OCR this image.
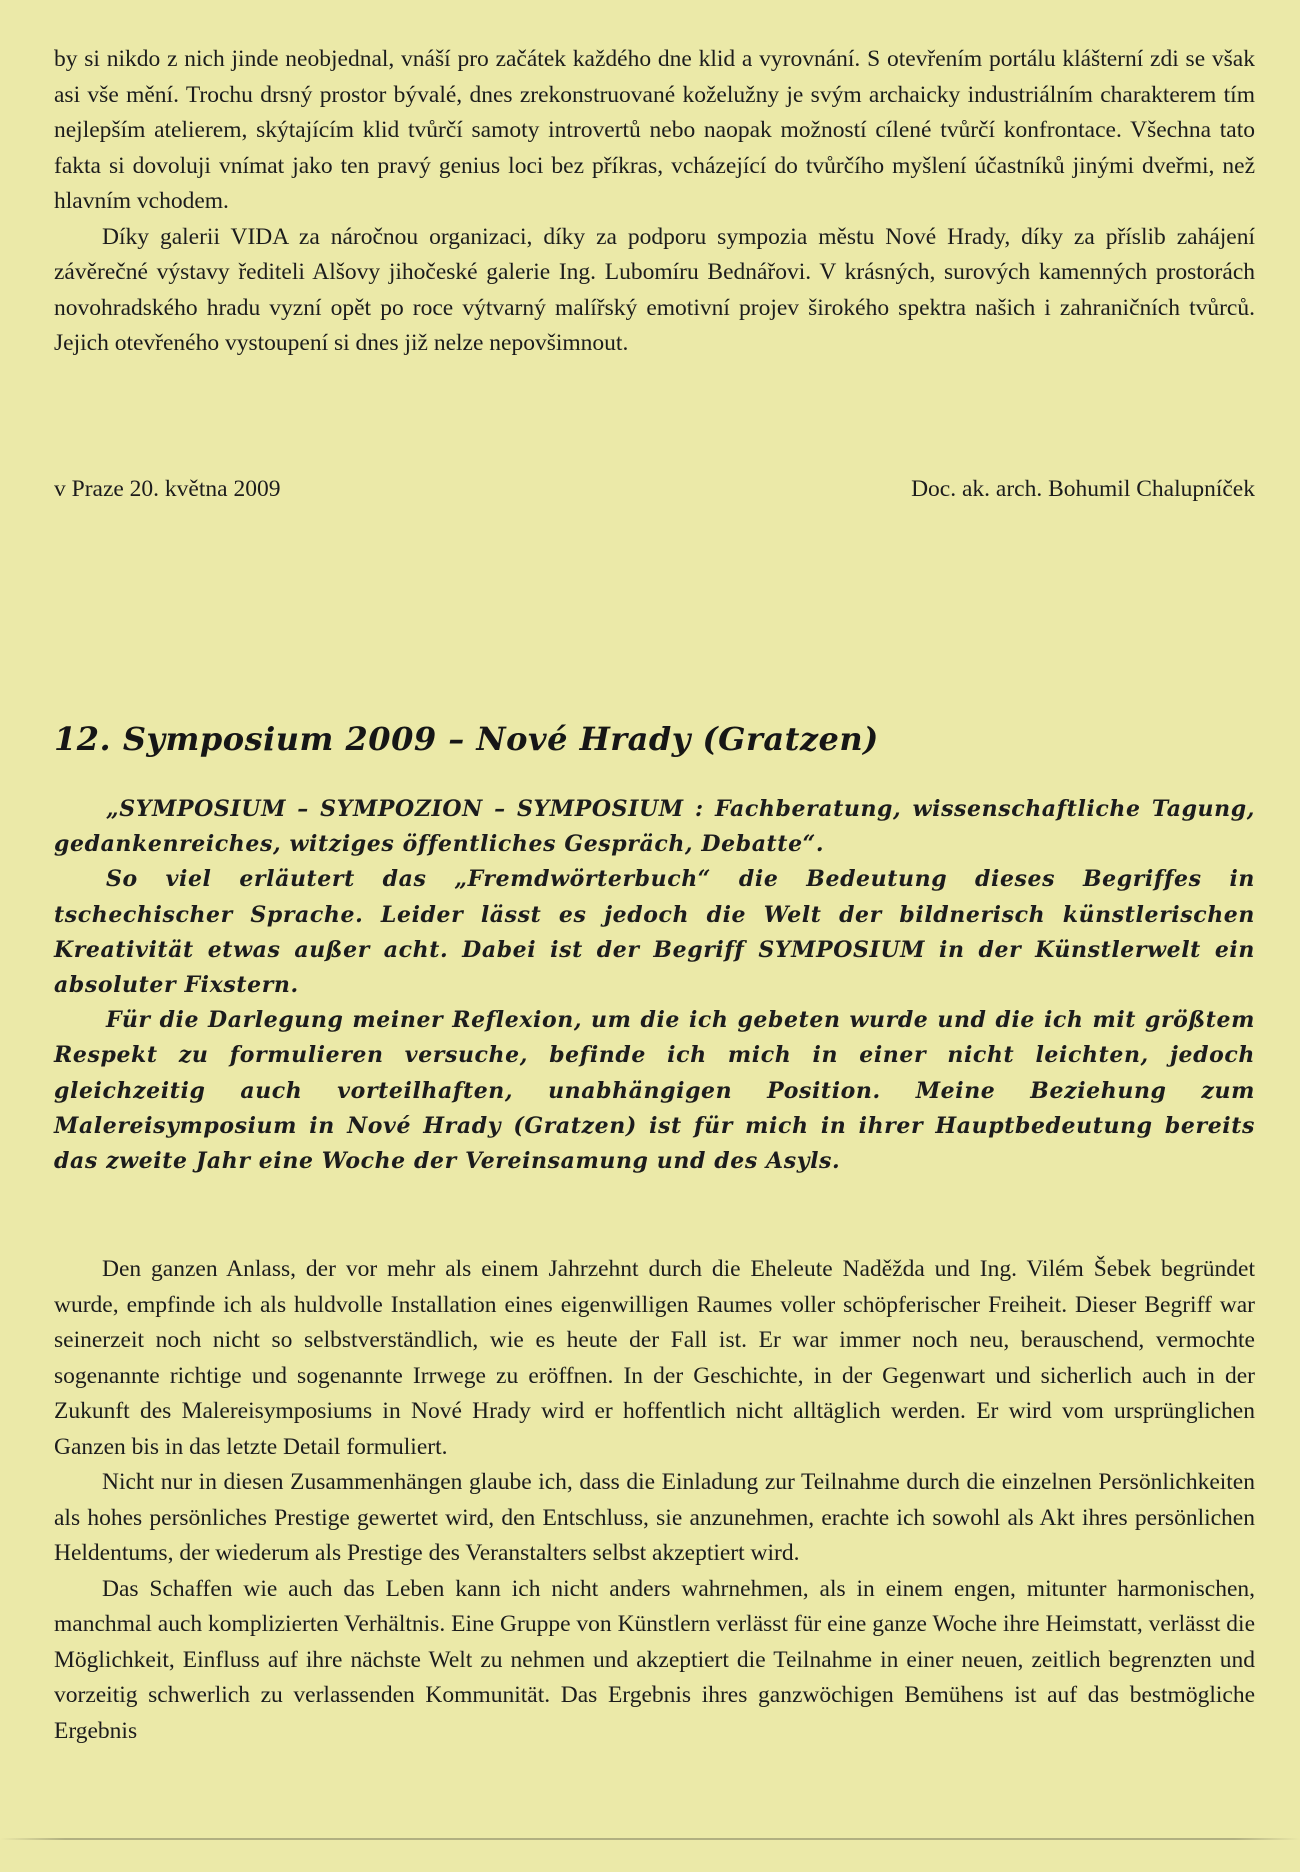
by si nikdo z nich jinde neobjednal, vnáší pro začátek každého dne klid a vyrovnání. S otevřením portálu klášterní zdi se však asi vše mění. Trochu drsný prostor bývalé, dnes zrekonstruované koželužny je svým archaicky industriálním charakterem tím nejlepším atelierem, skýtajícím klid tvůrčí samoty introvertů nebo naopak možností cílené tvůrčí konfrontace. Všechna tato fakta si dovoluji vnímat jako ten pravý genius loci bez příkras, vcházející do tvůrčího myšlení účastníků jinými dveřmi, než hlavním vchodem.

Díky galerii VIDA za náročnou organizaci, díky za podporu sympozia městu Nové Hrady, díky za příslib zahájení závěrečné výstavy řediteli Alšovy jihočeské galerie Ing. Lubomíru Bednářovi. V krásných, surových kamenných prostorách novohradského hradu vyzní opět po roce výtvarný malířský emotivní projev širokého spektra našich i zahraničních tvůrců. Jejich otevřeného vystoupení si dnes již nelze nepovšimnout.

v Praze 20. května 2009	Doc. ak. arch. Bohumil Chalupníček
12. Symposium 2009 – Nové Hrady (Gratzen)

„SYMPOSIUM – SYMPOZION – SYMPOSIUM : Fachberatung, wissenschaftliche Tagung, gedankenreiches, witziges öffentliches Gespräch, Debatte“.

So viel erläutert das „Fremdwörterbuch“ die Bedeutung dieses Begriffes in tschechischer Sprache. Leider lässt es jedoch die Welt der bildnerisch künstlerischen Kreativität etwas außer acht. Dabei ist der Begriff SYMPOSIUM in der Künstlerwelt ein absoluter Fixstern.

Für die Darlegung meiner Reflexion, um die ich gebeten wurde und die ich mit größtem Respekt zu formulieren versuche, befinde ich mich in einer nicht leichten, jedoch gleichzeitig auch vorteilhaften, unabhängigen Position. Meine Beziehung zum Malereisymposium in Nové Hrady (Gratzen) ist für mich in ihrer Hauptbedeutung bereits das zweite Jahr eine Woche der Vereinsamung und des Asyls.

Den ganzen Anlass, der vor mehr als einem Jahrzehnt durch die Eheleute Naděžda und Ing. Vilém Šebek begründet wurde, empfinde ich als huldvolle Installation eines eigenwilligen Raumes voller schöpferischer Freiheit. Dieser Begriff war seinerzeit noch nicht so selbstverständlich, wie es heute der Fall ist. Er war immer noch neu, berauschend, vermochte sogenannte richtige und sogenannte Irrwege zu eröffnen. In der Geschichte, in der Gegenwart und sicherlich auch in der Zukunft des Malereisymposiums in Nové Hrady wird er hoffentlich nicht alltäglich werden. Er wird vom ursprünglichen Ganzen bis in das letzte Detail formuliert.

Nicht nur in diesen Zusammenhängen glaube ich, dass die Einladung zur Teilnahme durch die einzelnen Persönlichkeiten als hohes persönliches Prestige gewertet wird, den Entschluss, sie anzunehmen, erachte ich sowohl als Akt ihres persönlichen Heldentums, der wiederum als Prestige des Veranstalters selbst akzeptiert wird.

Das Schaffen wie auch das Leben kann ich nicht anders wahrnehmen, als in einem engen, mitunter harmonischen, manchmal auch komplizierten Verhältnis. Eine Gruppe von Künstlern verlässt für eine ganze Woche ihre Heimstatt, verlässt die Möglichkeit, Einfluss auf ihre nächste Welt zu nehmen und akzeptiert die Teilnahme in einer neuen, zeitlich begrenzten und vorzeitig schwerlich zu verlassenden Kommunität. Das Ergebnis ihres ganzwöchigen Bemühens ist auf das bestmögliche Ergebnis
